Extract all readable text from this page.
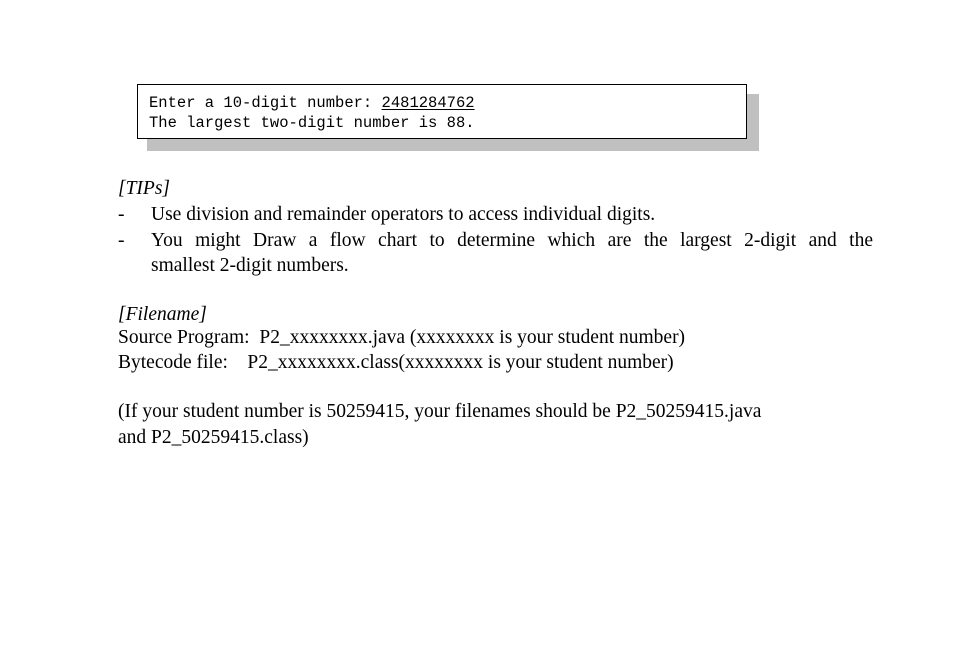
Enter a 10-digit number: 2481284762
The largest two-digit number is 88.
[TIPs]
- Use division and remainder operators to access individual digits.
- You might Draw a flow chart to determine which are the largest 2-digit and the
smallest 2-digit numbers.
[Filename]
Source Program:  P2_xxxxxxxx.java (xxxxxxxx is your student number)
Bytecode file:    P2_xxxxxxxx.class(xxxxxxxx is your student number)
(If your student number is 50259415, your filenames should be P2_50259415.java
and P2_50259415.class)
